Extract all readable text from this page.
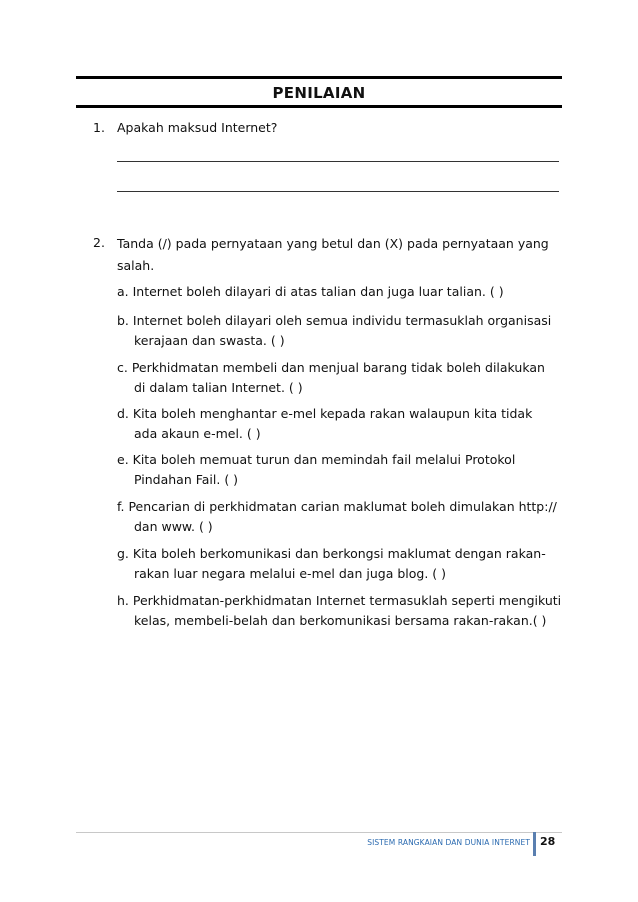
PENILAIAN
1. Apakah maksud Internet?
2. Tanda (/) pada pernyataan yang betul dan (X) pada pernyataan yang salah.
a. Internet boleh dilayari di atas talian dan juga luar talian. ( )
b. Internet boleh dilayari oleh semua individu termasuklah organisasi
kerajaan dan swasta. ( )
c. Perkhidmatan membeli dan menjual barang tidak boleh dilakukan
di dalam talian Internet. ( )
d. Kita boleh menghantar e-mel kepada rakan walaupun kita tidak
ada akaun e-mel. ( )
e. Kita boleh memuat turun dan memindah fail melalui Protokol
Pindahan Fail. ( )
f. Pencarian di perkhidmatan carian maklumat boleh dimulakan http://
dan www. ( )
g. Kita boleh berkomunikasi dan berkongsi maklumat dengan rakan-
rakan luar negara melalui e-mel dan juga blog. ( )
h. Perkhidmatan-perkhidmatan Internet termasuklah seperti mengikuti
kelas, membeli-belah dan berkomunikasi bersama rakan-rakan.( )
SISTEM RANGKAIAN DAN DUNIA INTERNET 28
